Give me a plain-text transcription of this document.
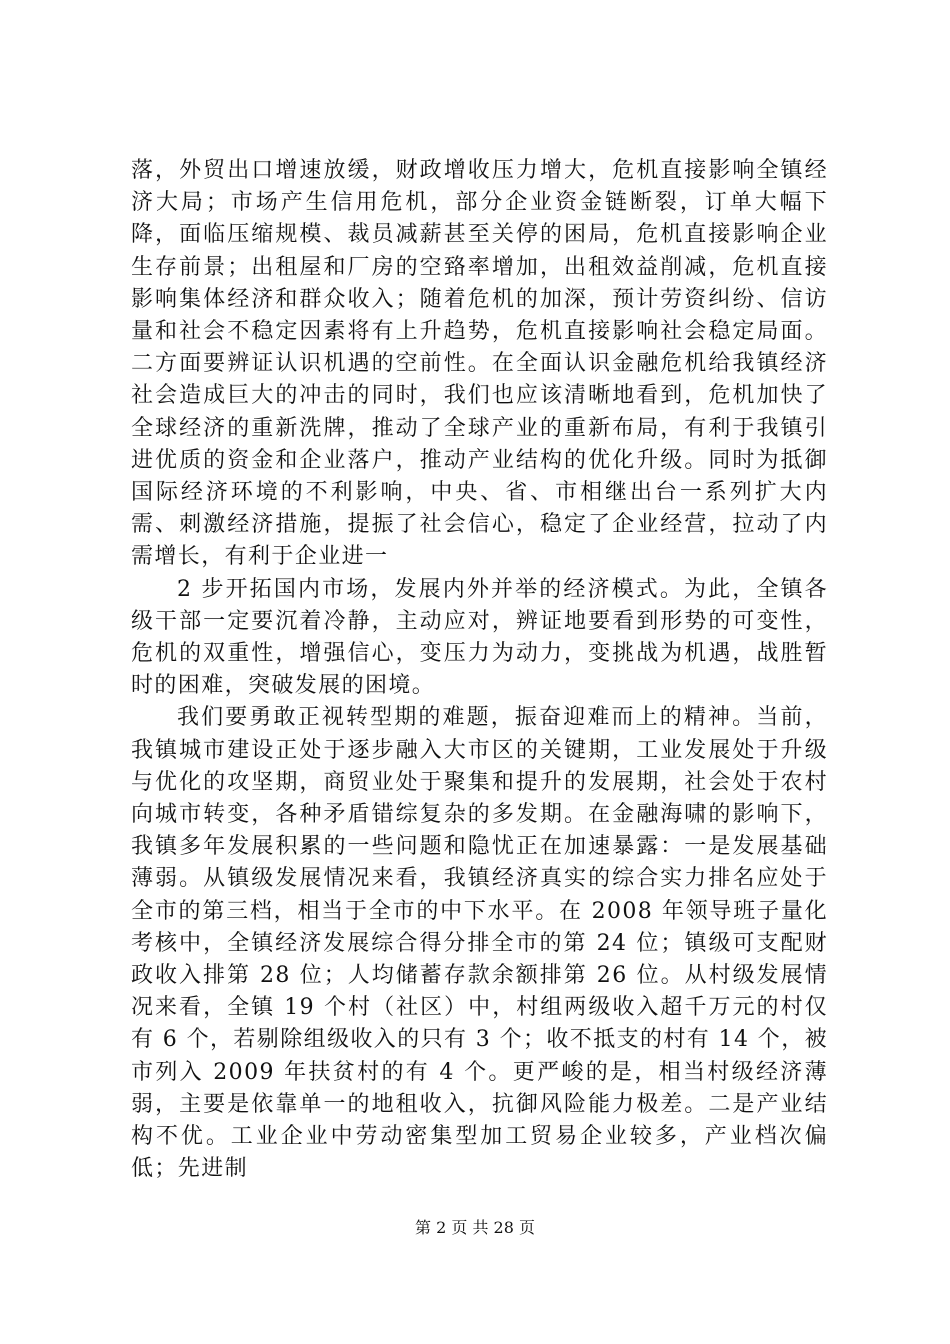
落，外贸出口增速放缓，财政增收压力增大，危机直接影响全镇经济大局；市场产生信用危机，部分企业资金链断裂，订单大幅下降，面临压缩规模、裁员减薪甚至关停的困局，危机直接影响企业生存前景；出租屋和厂房的空臵率增加，出租效益削减，危机直接影响集体经济和群众收入；随着危机的加深，预计劳资纠纷、信访量和社会不稳定因素将有上升趋势，危机直接影响社会稳定局面。二方面要辨证认识机遇的空前性。在全面认识金融危机给我镇经济社会造成巨大的冲击的同时，我们也应该清晰地看到，危机加快了全球经济的重新洗牌，推动了全球产业的重新布局，有利于我镇引进优质的资金和企业落户，推动产业结构的优化升级。同时为抵御国际经济环境的不利影响，中央、省、市相继出台一系列扩大内需、刺激经济措施，提振了社会信心，稳定了企业经营，拉动了内需增长，有利于企业进一

2 步开拓国内市场，发展内外并举的经济模式。为此，全镇各级干部一定要沉着冷静，主动应对，辨证地要看到形势的可变性，危机的双重性，增强信心，变压力为动力，变挑战为机遇，战胜暂时的困难，突破发展的困境。

我们要勇敢正视转型期的难题，振奋迎难而上的精神。当前，我镇城市建设正处于逐步融入大市区的关键期，工业发展处于升级与优化的攻坚期，商贸业处于聚集和提升的发展期，社会处于农村向城市转变，各种矛盾错综复杂的多发期。在金融海啸的影响下，我镇多年发展积累的一些问题和隐忧正在加速暴露：一是发展基础薄弱。从镇级发展情况来看，我镇经济真实的综合实力排名应处于全市的第三档，相当于全市的中下水平。在 2008 年领导班子量化考核中，全镇经济发展综合得分排全市的第 24 位；镇级可支配财政收入排第 28 位；人均储蓄存款余额排第 26 位。从村级发展情况来看，全镇 19 个村（社区）中，村组两级收入超千万元的村仅有 6 个，若剔除组级收入的只有 3 个；收不抵支的村有 14 个，被市列入 2009 年扶贫村的有 4 个。更严峻的是，相当村级经济薄弱，主要是依靠单一的地租收入，抗御风险能力极差。二是产业结构不优。工业企业中劳动密集型加工贸易企业较多，产业档次偏低；先进制

第 2 页 共 28 页
